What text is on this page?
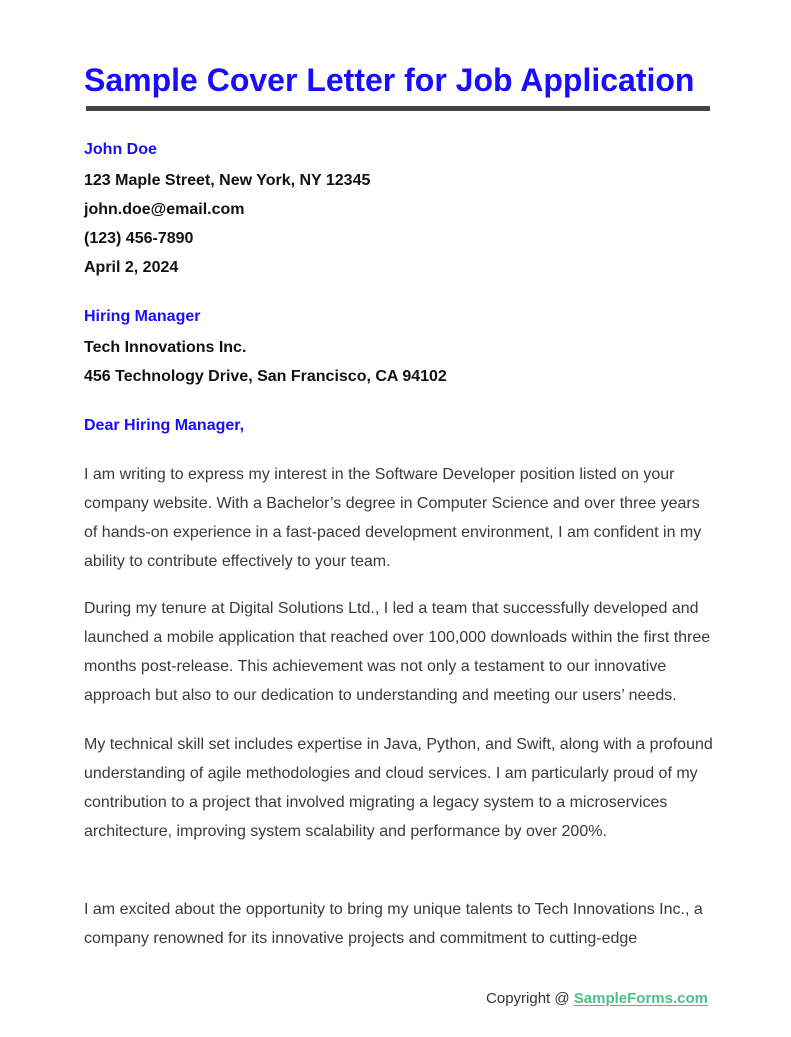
Sample Cover Letter for Job Application

John Doe

123 Maple Street, New York, NY 12345

john.doe@email.com

(123) 456-7890

April 2, 2024

Hiring Manager

Tech Innovations Inc.

456 Technology Drive, San Francisco, CA 94102

Dear Hiring Manager,

I am writing to express my interest in the Software Developer position listed on your company website. With a Bachelor’s degree in Computer Science and over three years of hands-on experience in a fast-paced development environment, I am confident in my ability to contribute effectively to your team.

During my tenure at Digital Solutions Ltd., I led a team that successfully developed and launched a mobile application that reached over 100,000 downloads within the first three months post-release. This achievement was not only a testament to our innovative approach but also to our dedication to understanding and meeting our users’ needs.

My technical skill set includes expertise in Java, Python, and Swift, along with a profound understanding of agile methodologies and cloud services. I am particularly proud of my contribution to a project that involved migrating a legacy system to a microservices architecture, improving system scalability and performance by over 200%.

I am excited about the opportunity to bring my unique talents to Tech Innovations Inc., a company renowned for its innovative projects and commitment to cutting-edge

Copyright @ SampleForms.com
